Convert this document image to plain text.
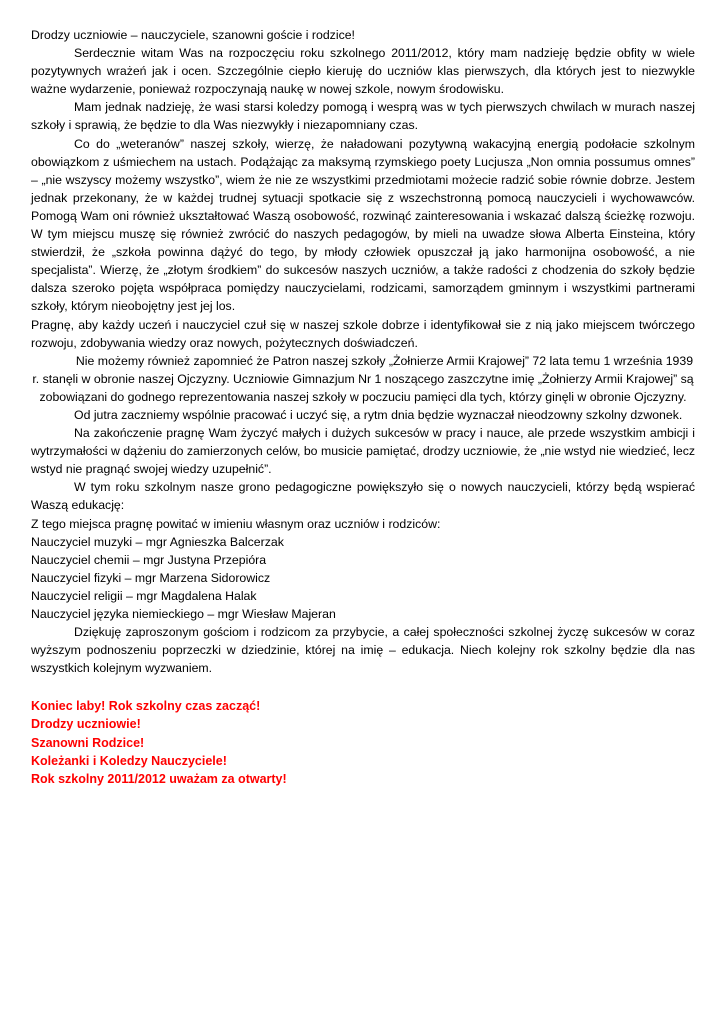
Drodzy uczniowie – nauczyciele, szanowni goście i rodzice!

Serdecznie witam Was na rozpoczęciu roku szkolnego 2011/2012, który mam nadzieję będzie obfity w wiele pozytywnych wrażeń jak i ocen. Szczególnie ciepło kieruję do uczniów klas pierwszych, dla których jest to niezwykle ważne wydarzenie, ponieważ rozpoczynają naukę w nowej szkole, nowym środowisku.

Mam jednak nadzieję, że wasi starsi koledzy pomogą i wesprą was w tych pierwszych chwilach w murach naszej szkoły i sprawią, że będzie to dla Was niezwykły i niezapomniany czas.

Co do „weteranów” naszej szkoły, wierzę, że naładowani pozytywną wakacyjną energią podołacie szkolnym obowiązkom z uśmiechem na ustach. Podążając za maksymą rzymskiego poety Lucjusza „Non omnia possumus omnes” – „nie wszyscy możemy wszystko”, wiem że nie ze wszystkimi przedmiotami możecie radzić sobie równie dobrze. Jestem jednak przekonany, że w każdej trudnej sytuacji spotkacie się z wszechstronną pomocą nauczycieli i wychowawców. Pomogą Wam oni również ukształtować Waszą osobowość, rozwinąć zainteresowania i wskazać dalszą ścieżkę rozwoju. W tym miejscu muszę się również zwrócić do naszych pedagogów, by mieli na uwadze słowa Alberta Einsteina, który stwierdził, że „szkoła powinna dążyć do tego, by młody człowiek opuszczał ją jako harmonijna osobowość, a nie specjalista”. Wierzę, że „złotym środkiem” do sukcesów naszych uczniów, a także radości z chodzenia do szkoły będzie dalsza szeroko pojęta współpraca pomiędzy nauczycielami, rodzicami, samorządem gminnym i wszystkimi partnerami szkoły, którym nieobojętny jest jej los.

Pragnę, aby każdy uczeń i nauczyciel czuł się w naszej szkole dobrze i identyfikował sie z nią jako miejscem twórczego rozwoju, zdobywania wiedzy oraz nowych, pożytecznych doświadczeń.

Nie możemy również zapomnieć że Patron naszej szkoły „Żołnierze Armii Krajowej” 72 lata temu 1 września 1939 r. stanęli w obronie naszej Ojczyzny. Uczniowie Gimnazjum Nr 1 noszącego zaszczytne imię „Żołnierzy Armii Krajowej” są zobowiązani do godnego reprezentowania naszej szkoły w poczuciu pamięci dla tych, którzy ginęli w obronie Ojczyzny.

Od jutra zaczniemy wspólnie pracować i uczyć się, a rytm dnia będzie wyznaczał nieodzowny szkolny dzwonek.

Na zakończenie pragnę Wam życzyć małych i dużych sukcesów w pracy i nauce, ale przede wszystkim ambicji i wytrzymałości w dążeniu do zamierzonych celów, bo musicie pamiętać, drodzy uczniowie, że „nie wstyd nie wiedzieć, lecz wstyd nie pragnąć swojej wiedzy uzupełnić”.

W tym roku szkolnym nasze grono pedagogiczne powiększyło się o nowych nauczycieli, którzy będą wspierać Waszą edukację:

Z tego miejsca pragnę powitać w imieniu własnym oraz uczniów i rodziców:

Nauczyciel muzyki – mgr Agnieszka Balcerzak

Nauczyciel chemii – mgr Justyna Przepióra

Nauczyciel fizyki – mgr Marzena Sidorowicz

Nauczyciel religii – mgr Magdalena Halak

Nauczyciel języka niemieckiego – mgr Wiesław Majeran

Dziękuję zaproszonym gościom i rodzicom za przybycie, a całej społeczności szkolnej życzę sukcesów w coraz wyższym podnoszeniu poprzeczki w dziedzinie, której na imię – edukacja. Niech kolejny rok szkolny będzie dla nas wszystkich kolejnym wyzwaniem.

Koniec laby! Rok szkolny czas zacząć!

Drodzy uczniowie!

Szanowni Rodzice!

Koleżanki i Koledzy Nauczyciele!

Rok szkolny 2011/2012 uważam za otwarty!
